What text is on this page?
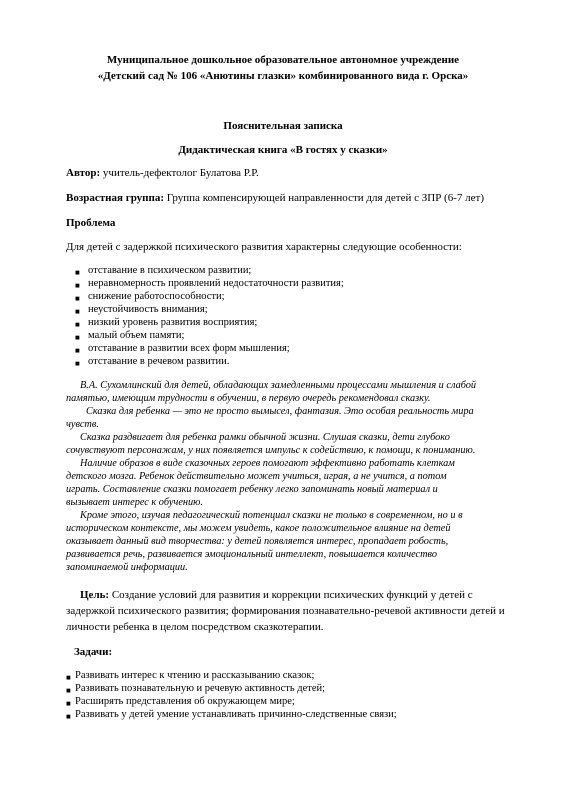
Муниципальное дошкольное образовательное автономное учреждение
«Детский сад № 106 «Анютины глазки» комбинированного вида г. Орска»
Пояснительная записка
Дидактическая книга «В гостях у сказки»
Автор: учитель-дефектолог Булатова Р.Р.
Возрастная группа: Группа компенсирующей направленности для детей с ЗПР (6-7 лет)
Проблема
Для детей с задержкой психического развития характерны следующие особенности:
■ отставание в психическом развитии;
■ неравномерность проявлений недостаточности развития;
■ снижение работоспособности;
■ неустойчивость внимания;
■ низкий уровень развития восприятия;
■ малый объем памяти;
■ отставание в развитии всех форм мышления;
■ отставание в речевом развитии.
В.А. Сухомлинский для детей, обладающих замедленными процессами мышления и слабой
памятью, имеющим трудности в обучении, в первую очередь рекомендовал сказку.
Сказка для ребенка — это не просто вымысел, фантазия. Это особая реальность мира
чувств.
Сказка раздвигает для ребенка рамки обычной жизни. Слушая сказки, дети глубоко
сочувствуют персонажам, у них появляется импульс к содействию, к помощи, к пониманию.
Наличие образов в виде сказочных героев помогают эффективно работать клеткам
детского мозга. Ребенок действительно может учиться, играя, а не учится, а потом
играть. Составление сказки помогает ребенку легко запоминать новый материал и
вызывает интерес к обучению.
Кроме этого, изучая педагогический потенциал сказки не только в современном, но и в
историческом контексте, мы можем увидеть, какое положительное влияние на детей
оказывает данный вид творчества: у детей появляется интерес, пропадает робость,
развивается речь, развивается эмоциональный интеллект, повышается количество
запоминаемой информации.
Цель: Создание условий для развития и коррекции психических функций у детей с
задержкой психического развития; формирования познавательно-речевой активности детей и
личности ребенка в целом посредством сказкотерапии.
Задачи:
■ Развивать интерес к чтению и рассказыванию сказок;
■ Развивать познавательную и речевую активность детей;
■ Расширять представления об окружающем мире;
■ Развивать у детей умение устанавливать причинно-следственные связи;
